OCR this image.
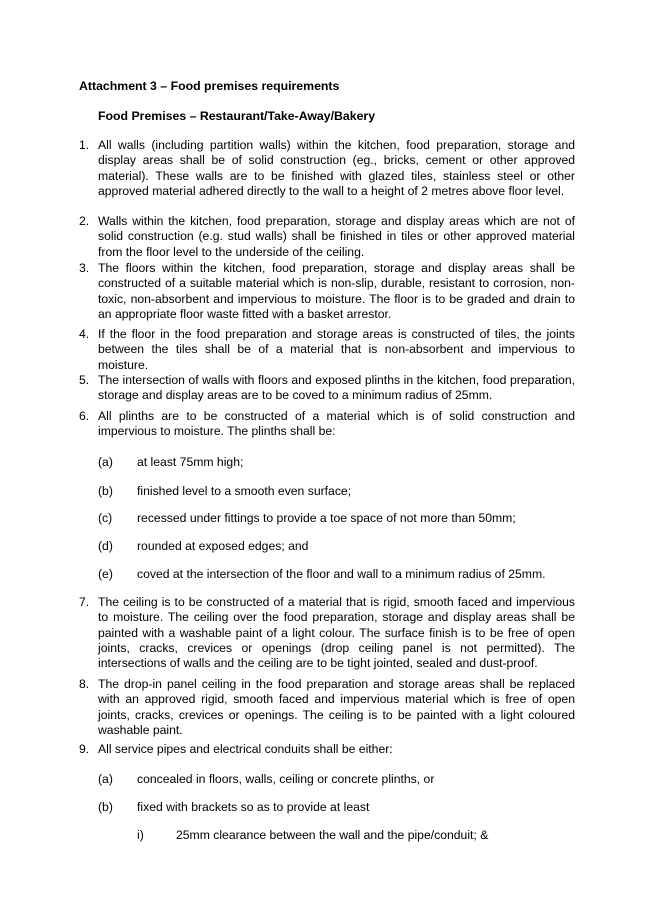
Attachment 3 – Food premises requirements
Food Premises – Restaurant/Take-Away/Bakery
1. All walls (including partition walls) within the kitchen, food preparation, storage and display areas shall be of solid construction (eg., bricks, cement or other approved material). These walls are to be finished with glazed tiles, stainless steel or other approved material adhered directly to the wall to a height of 2 metres above floor level.
2. Walls within the kitchen, food preparation, storage and display areas which are not of solid construction (e.g. stud walls) shall be finished in tiles or other approved material from the floor level to the underside of the ceiling.
3. The floors within the kitchen, food preparation, storage and display areas shall be constructed of a suitable material which is non-slip, durable, resistant to corrosion, non-toxic, non-absorbent and impervious to moisture. The floor is to be graded and drain to an appropriate floor waste fitted with a basket arrestor.
4. If the floor in the food preparation and storage areas is constructed of tiles, the joints between the tiles shall be of a material that is non-absorbent and impervious to moisture.
5. The intersection of walls with floors and exposed plinths in the kitchen, food preparation, storage and display areas are to be coved to a minimum radius of 25mm.
6. All plinths are to be constructed of a material which is of solid construction and impervious to moisture. The plinths shall be:
(a) at least 75mm high;
(b) finished level to a smooth even surface;
(c) recessed under fittings to provide a toe space of not more than 50mm;
(d) rounded at exposed edges; and
(e) coved at the intersection of the floor and wall to a minimum radius of 25mm.
7. The ceiling is to be constructed of a material that is rigid, smooth faced and impervious to moisture. The ceiling over the food preparation, storage and display areas shall be painted with a washable paint of a light colour. The surface finish is to be free of open joints, cracks, crevices or openings (drop ceiling panel is not permitted). The intersections of walls and the ceiling are to be tight jointed, sealed and dust-proof.
8. The drop-in panel ceiling in the food preparation and storage areas shall be replaced with an approved rigid, smooth faced and impervious material which is free of open joints, cracks, crevices or openings. The ceiling is to be painted with a light coloured washable paint.
9. All service pipes and electrical conduits shall be either:
(a) concealed in floors, walls, ceiling or concrete plinths, or
(b) fixed with brackets so as to provide at least
i)	25mm clearance between the wall and the pipe/conduit; &
